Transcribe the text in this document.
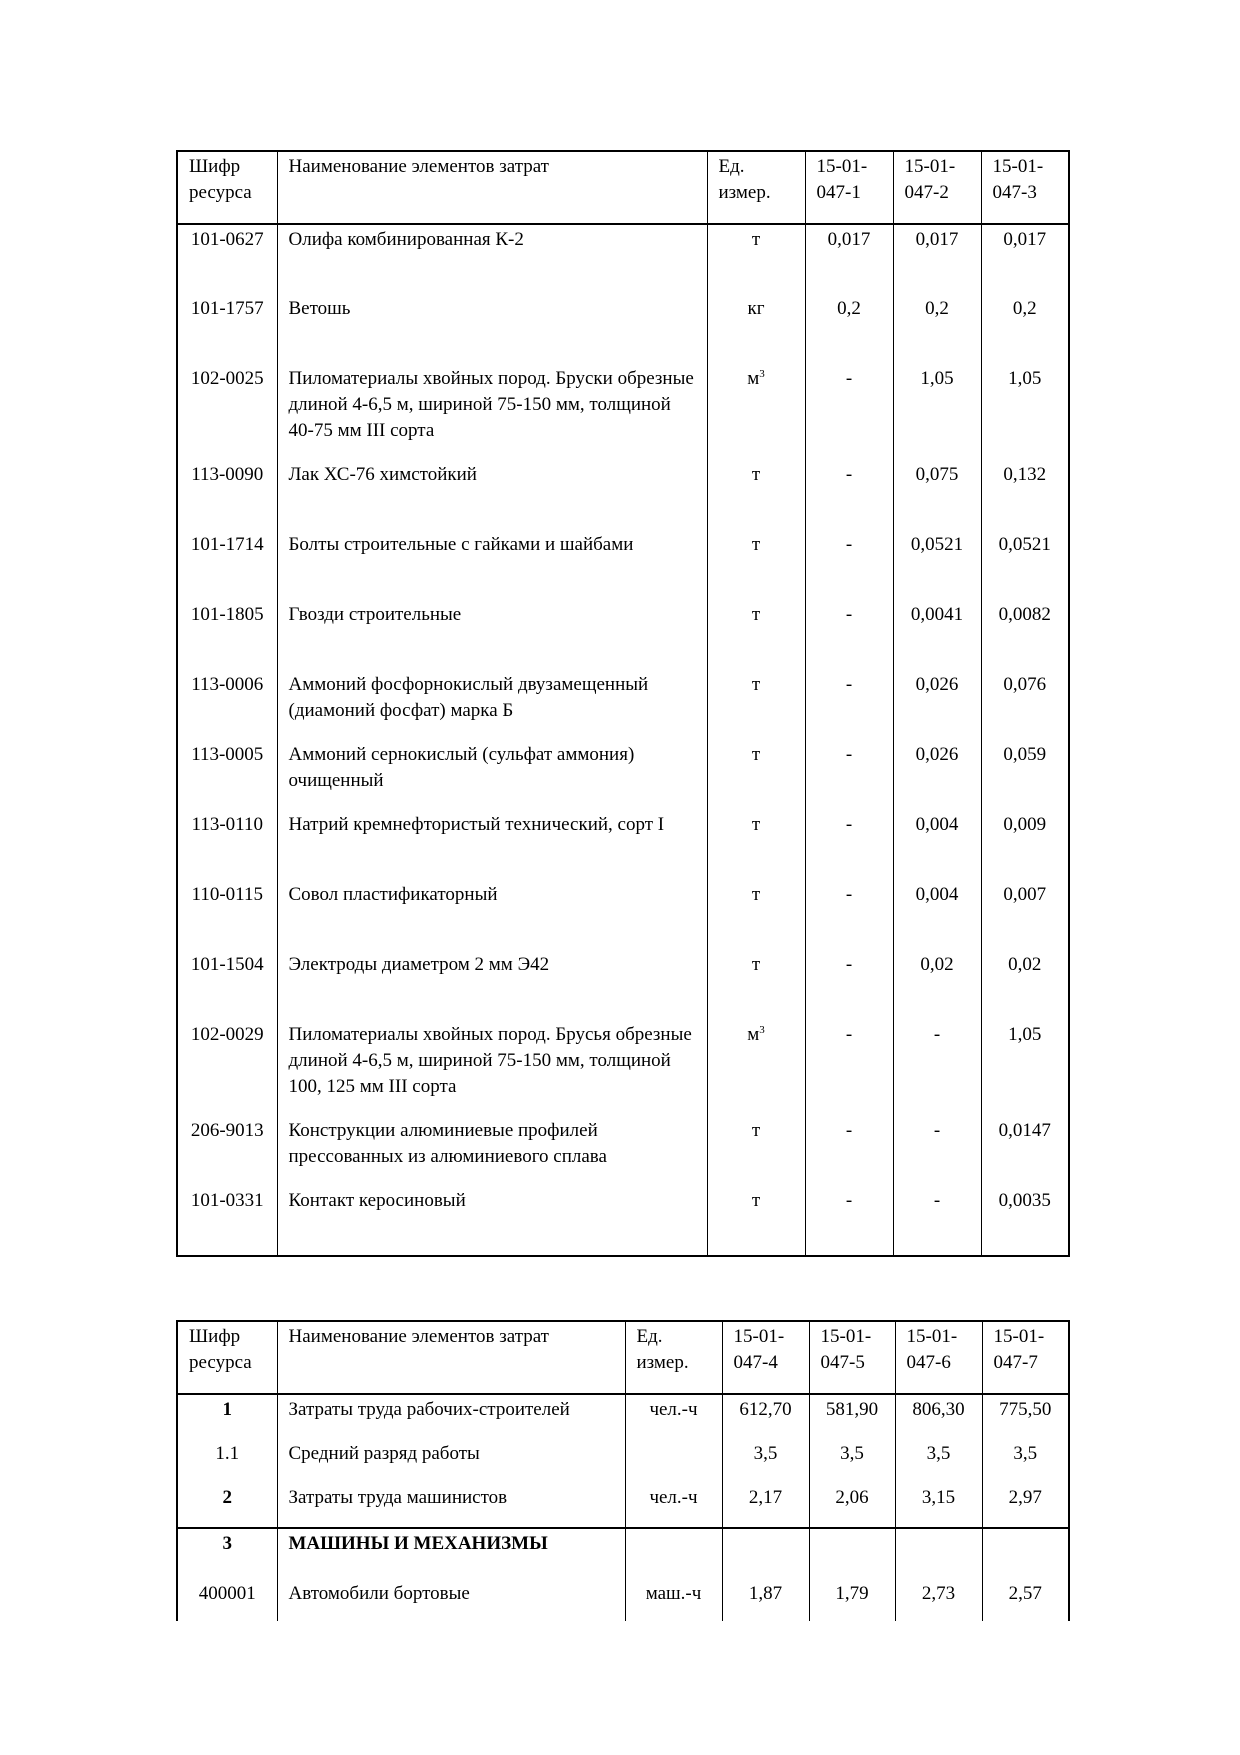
Шифр ресурса	Наименование элементов затрат	Ед. измер.	15-01-047-1	15-01-047-2	15-01-047-3
101-0627	Олифа комбинированная К-2	т	0,017	0,017	0,017
101-1757	Ветошь	кг	0,2	0,2	0,2
102-0025	Пиломатериалы хвойных пород. Бруски обрезные длиной 4-6,5 м, шириной 75-150 мм, толщиной 40-75 мм III сорта	$м^3$	-	1,05	1,05
113-0090	Лак ХС-76 химстойкий	т	-	0,075	0,132
101-1714	Болты строительные с гайками и шайбами	т	-	0,0521	0,0521
101-1805	Гвозди строительные	т	-	0,0041	0,0082
113-0006	Аммоний фосфорнокислый двузамещенный (диамоний фосфат) марка Б	т	-	0,026	0,076
113-0005	Аммоний сернокислый (сульфат аммония) очищенный	т	-	0,026	0,059
113-0110	Натрий кремнефтористый технический, сорт I	т	-	0,004	0,009
110-0115	Совол пластификаторный	т	-	0,004	0,007
101-1504	Электроды диаметром 2 мм Э42	т	-	0,02	0,02
102-0029	Пиломатериалы хвойных пород. Брусья обрезные длиной 4-6,5 м, шириной 75-150 мм, толщиной 100, 125 мм III сорта	$м^3$	-	-	1,05
206-9013	Конструкции алюминиевые профилей прессованных из алюминиевого сплава	т	-	-	0,0147
101-0331	Контакт керосиновый	т	-	-	0,0035
Шифр ресурса	Наименование элементов затрат	Ед. измер.	15-01-047-4	15-01-047-5	15-01-047-6	15-01-047-7
1	Затраты труда рабочих-строителей	чел.-ч	612,70	581,90	806,30	775,50
1.1	Средний разряд работы		3,5	3,5	3,5	3,5
2	Затраты труда машинистов	чел.-ч	2,17	2,06	3,15	2,97
3	МАШИНЫ И МЕХАНИЗМЫ					
400001	Автомобили бортовые	маш.-ч	1,87	1,79	2,73	2,57
